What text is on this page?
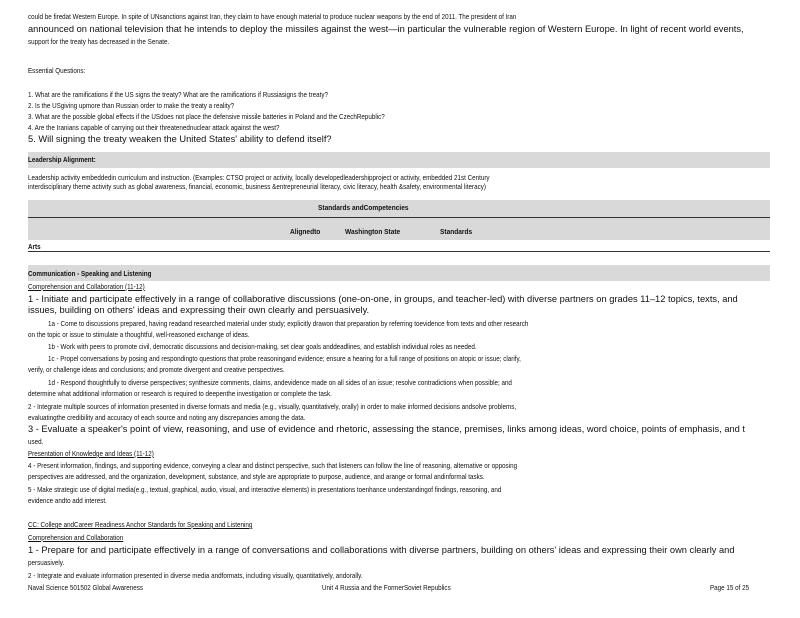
could be firedat Western Europe. In spite of UNsanctions against Iran, they claim to have enough material to produce nuclear weapons by the end of 2011. The president of Iran
announced on national television that he intends to deploy the missiles against the west—in particular the vulnerable region of Western Europe. In light of recent world events,
support for the treaty has decreased in the Senate.
Essential Questions:
1. What are the ramifications if the US signs the treaty? What are the ramifications if Russiasigns the treaty?
2. Is the USgiving upmore than Russian order to make the treaty a reality?
3. What are the possible global effects if the USdoes not place the defensive missile batteries in Poland and the CzechRepublic?
4. Are the Iranians capable of carrying out their threatenednuclear attack against the west?
5. Will signing the treaty weaken the United States' ability to defend itself?
Leadership Alignment:
Leadership activity embeddedin curriculum and instruction. (Examples: CTSO project or activity, locally developedleadershipproject or activity, embedded 21st Century
interdisciplinary theme activity such as global awareness, financial, economic, business &entrepreneurial literacy, civic literacy, health &safety, environmental literacy)
Standards andCompetencies
Alignedto	Washington State	Standards
Arts
Communication - Speaking and Listening
Comprehension and Collaboration (11-12)
1 - Initiate and participate effectively in a range of collaborative discussions (one-on-one, in groups, and teacher-led) with diverse partners on grades 11–12 topics, texts, and
issues, building on others' ideas and expressing their own clearly and persuasively.
1a - Come to discussions prepared, having readand researched material under study; explicitly drawon that preparation by referring toevidence from texts and other research
on the topic or issue to stimulate a thoughtful, well-reasoned exchange of ideas.
1b - Work with peers to promote civil, democratic discussions and decision-making, set clear goals anddeadlines, and establish individual roles as needed.
1c - Propel conversations by posing and respondingto questions that probe reasoningand evidence; ensure a hearing for a full range of positions on atopic or issue; clarify,
verify, or challenge ideas and conclusions; and promote divergent and creative perspectives.
1d - Respond thoughtfully to diverse perspectives; synthesize comments, claims, andevidence made on all sides of an issue; resolve contradictions when possible; and
determine what additional information or research is required to deepenthe investigation or complete the task.
2 - Integrate multiple sources of information presented in diverse formats and media (e.g., visually, quantitatively, orally) in order to make informed decisions andsolve problems,
evaluatingthe credibility and accuracy of each source and noting any discrepancies among the data.
3 - Evaluate a speaker's point of view, reasoning, and use of evidence and rhetoric, assessing the stance, premises, links among ideas, word choice, points of emphasis, and t
used.
Presentation of Knowledge and Ideas (11-12)
4 - Present information, findings, and supporting evidence, conveying a clear and distinct perspective, such that listeners can follow the line of reasoning, alternative or opposing
perspectives are addressed, and the organization, development, substance, and style are appropriate to purpose, audience, and arange or formal andinformal tasks.
5 - Make strategic use of digital media(e.g., textual, graphical, audio, visual, and interactive elements) in presentations toenhance understandingof findings, reasoning, and
evidence andto add interest.
CC: College andCareer Readiness Anchor Standards for Speaking and Listening
Comprehension and Collaboration
1 - Prepare for and participate effectively in a range of conversations and collaborations with diverse partners, building on others' ideas and expressing their own clearly and
persuasively.
2 - Integrate and evaluate information presented in diverse media andformats, including visually, quantitatively, andorally.
Naval Science 501502 Global Awareness	Unit 4 Russia and the FormerSoviet Republics	Page 15 of 25
